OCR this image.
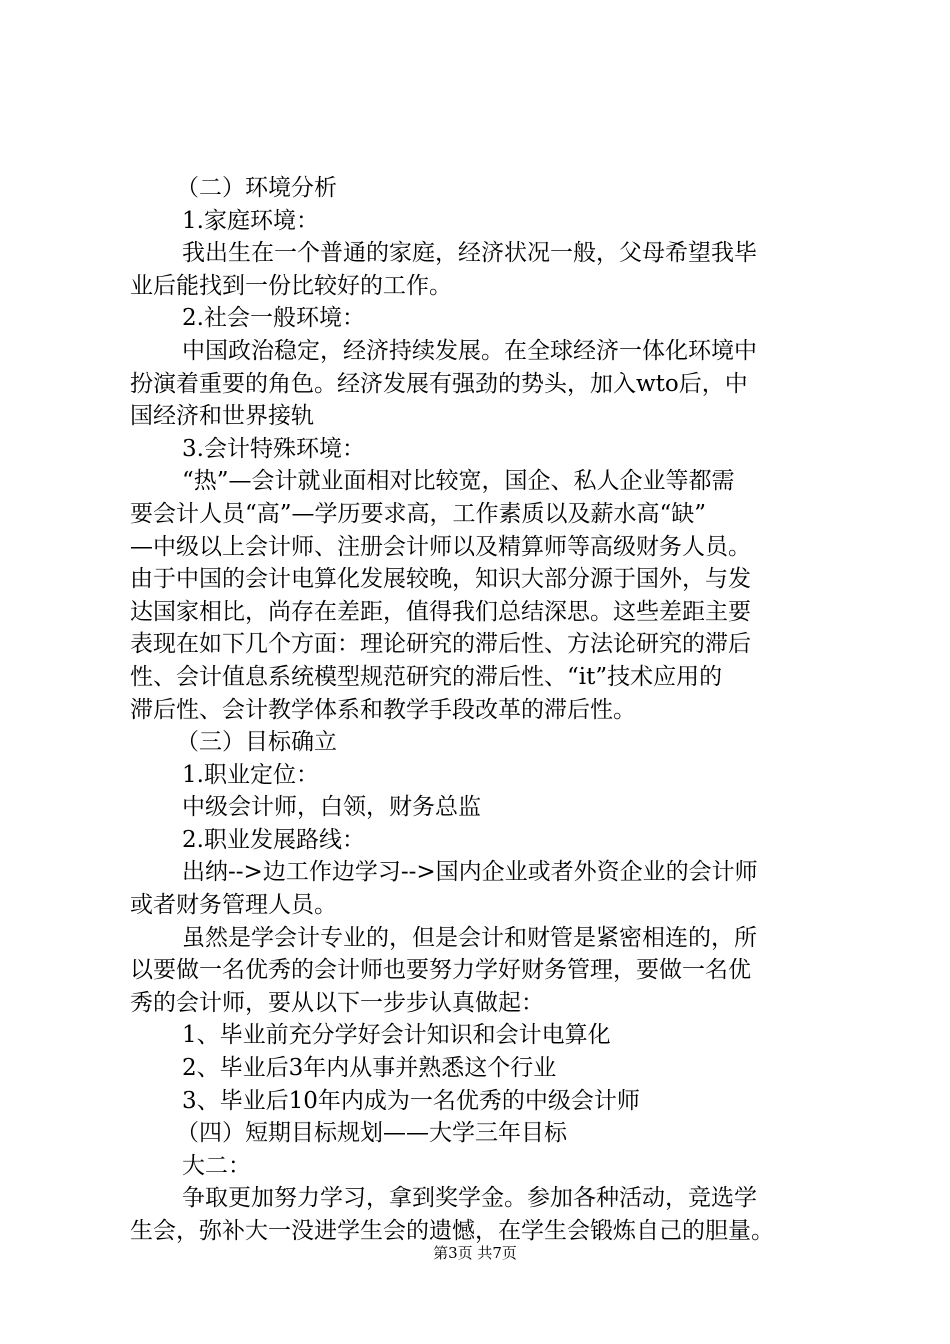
（二）环境分析
1.家庭环境：
我出生在一个普通的家庭，经济状况一般，父母希望我毕
业后能找到一份比较好的工作。
2.社会一般环境：
中国政治稳定，经济持续发展。在全球经济一体化环境中
扮演着重要的角色。经济发展有强劲的势头，加入wto后，中
国经济和世界接轨
3.会计特殊环境：
“热”—会计就业面相对比较宽，国企、私人企业等都需
要会计人员“高”—学历要求高，工作素质以及薪水高“缺”
—中级以上会计师、注册会计师以及精算师等高级财务人员。
由于中国的会计电算化发展较晚，知识大部分源于国外，与发
达国家相比，尚存在差距，值得我们总结深思。这些差距主要
表现在如下几个方面：理论研究的滞后性、方法论研究的滞后
性、会计值息系统模型规范研究的滞后性、“it”技术应用的
滞后性、会计教学体系和教学手段改革的滞后性。
（三）目标确立
1.职业定位：
中级会计师，白领，财务总监
2.职业发展路线：
出纳-->边工作边学习-->国内企业或者外资企业的会计师
或者财务管理人员。
虽然是学会计专业的，但是会计和财管是紧密相连的，所
以要做一名优秀的会计师也要努力学好财务管理，要做一名优
秀的会计师，要从以下一步步认真做起：
1、毕业前充分学好会计知识和会计电算化
2、毕业后3年内从事并熟悉这个行业
3、毕业后10年内成为一名优秀的中级会计师
（四）短期目标规划——大学三年目标
大二：
争取更加努力学习，拿到奖学金。参加各种活动，竞选学
生会，弥补大一没进学生会的遗憾，在学生会锻炼自己的胆量。
第3页 共7页
